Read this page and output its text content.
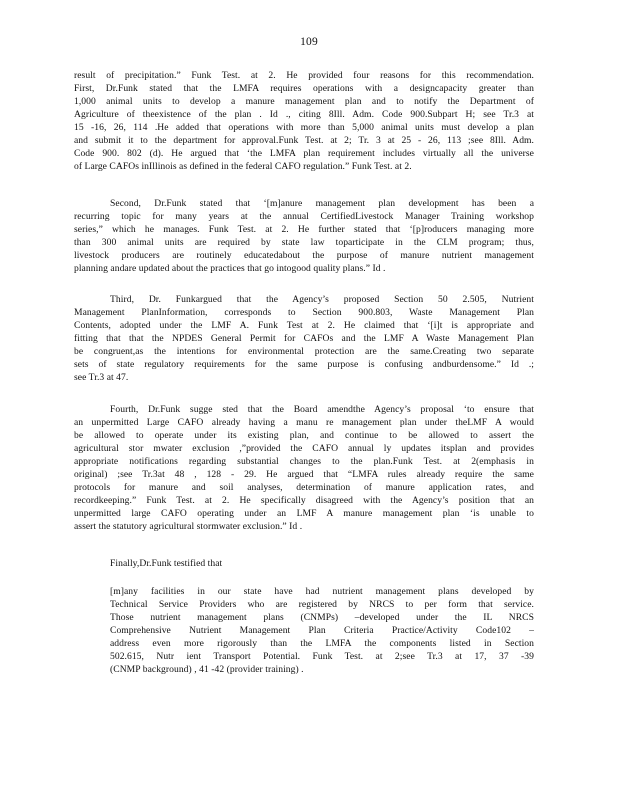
109
result of precipitation.” Funk Test. at 2. He provided four reasons for this recommendation.
First, Dr.Funk stated that the LMFA requires operations with a designcapacity greater than
1,000 animal units to develop a manure management plan and to notify the Department of
Agriculture of theexistence of the plan . Id ., citing 8Ill. Adm. Code 900.Subpart H; see Tr.3 at
15 -16, 26, 114 .He added that operations with more than 5,000 animal units must develop a plan
and submit it to the department for approval.Funk Test. at 2; Tr. 3 at 25 - 26, 113 ;see 8Ill. Adm.
Code 900. 802 (d). He argued that ‘the LMFA plan requirement includes virtually all the universe
of Large CAFOs inIllinois as defined in the federal CAFO regulation.” Funk Test. at 2.
Second, Dr.Funk stated that ‘[m]anure management plan development has been a
recurring topic for many years at the annual CertifiedLivestock Manager Training workshop
series,” which he manages. Funk Test. at 2. He further stated that ‘[p]roducers managing more
than 300 animal units are required by state law toparticipate in the CLM program; thus,
livestock producers are routinely educatedabout the purpose of manure nutrient management
planning andare updated about the practices that go intogood quality plans.” Id .
Third, Dr. Funkargued that the Agency’s proposed Section 50 2.505, Nutrient
Management PlanInformation, corresponds to Section 900.803, Waste Management Plan
Contents, adopted under the LMF A. Funk Test at 2. He claimed that ‘[i]t is appropriate and
fitting that that the NPDES General Permit for CAFOs and the LMF A Waste Management Plan
be congruent,as the intentions for environmental protection are the same.Creating two separate
sets of state regulatory requirements for the same purpose is confusing andburdensome.” Id .;
see Tr.3 at 47.
Fourth, Dr.Funk sugge sted that the Board amendthe Agency’s proposal ‘to ensure that
an unpermitted Large CAFO already having a manu re management plan under theLMF A would
be allowed to operate under its existing plan, and continue to be allowed to assert the
agricultural stor mwater exclusion ,”provided the CAFO annual ly updates itsplan and provides
appropriate notifications regarding substantial changes to the plan.Funk Test. at 2(emphasis in
original) ;see Tr.3at 48 , 128 - 29. He argued that “LMFA rules already require the same
protocols for manure and soil analyses, determination of manure application rates, and
recordkeeping.” Funk Test. at 2. He specifically disagreed with the Agency’s position that an
unpermitted large CAFO operating under an LMF A manure management plan ‘is unable to
assert the statutory agricultural stormwater exclusion.” Id .
Finally,Dr.Funk testified that
[m]any facilities in our state have had nutrient management plans developed by
Technical Service Providers who are registered by NRCS to per form that service.
Those nutrient management plans (CNMPs) –developed under the IL NRCS
Comprehensive Nutrient Management Plan Criteria Practice/Activity Code102 –
address even more rigorously than the LMFA the components listed in Section
502.615, Nutr ient Transport Potential. Funk Test. at 2;see Tr.3 at 17, 37 -39
(CNMP background) , 41 -42 (provider training) .
